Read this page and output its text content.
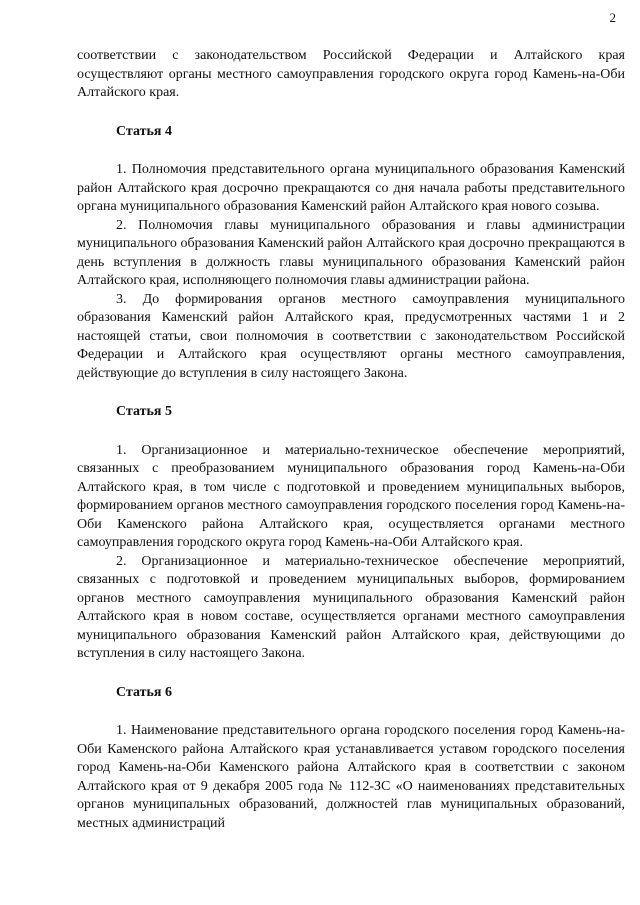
2

соответствии с законодательством Российской Федерации и Алтайского края осуществляют органы местного самоуправления городского округа город Камень-на-Оби Алтайского края.

Статья 4

1. Полномочия представительного органа муниципального образования Каменский район Алтайского края досрочно прекращаются со дня начала работы представительного органа муниципального образования Каменский район Алтайского края нового созыва.

2. Полномочия главы муниципального образования и главы администрации муниципального образования Каменский район Алтайского края досрочно прекращаются в день вступления в должность главы муниципального образования Каменский район Алтайского края, исполняющего полномочия главы администрации района.

3. До формирования органов местного самоуправления муниципального образования Каменский район Алтайского края, предусмотренных частями 1 и 2 настоящей статьи, свои полномочия в соответствии с законодательством Российской Федерации и Алтайского края осуществляют органы местного самоуправления, действующие до вступления в силу настоящего Закона.

Статья 5

1. Организационное и материально-техническое обеспечение мероприятий, связанных с преобразованием муниципального образования город Камень-на-Оби Алтайского края, в том числе с подготовкой и проведением муниципальных выборов, формированием органов местного самоуправления городского поселения город Камень-на-Оби Каменского района Алтайского края, осуществляется органами местного самоуправления городского округа город Камень-на-Оби Алтайского края.

2. Организационное и материально-техническое обеспечение мероприятий, связанных с подготовкой и проведением муниципальных выборов, формированием органов местного самоуправления муниципального образования Каменский район Алтайского края в новом составе, осуществляется органами местного самоуправления муниципального образования Каменский район Алтайского края, действующими до вступления в силу настоящего Закона.

Статья 6

1. Наименование представительного органа городского поселения город Камень-на-Оби Каменского района Алтайского края устанавливается уставом городского поселения город Камень-на-Оби Каменского района Алтайского края в соответствии с законом Алтайского края от 9 декабря 2005 года № 112-ЗС «О наименованиях представительных органов муниципальных образований, должностей глав муниципальных образований, местных администраций
